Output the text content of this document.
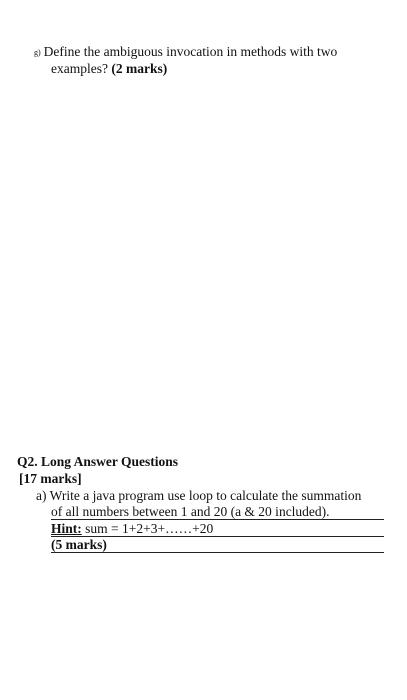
g) Define the ambiguous invocation in methods with two
examples? (2 marks)
Q2. Long Answer Questions
[17 marks]
a) Write a java program use loop to calculate the summation
of all numbers between 1 and 20 (a & 20 included).
Hint: sum = 1+2+3+……+20
(5 marks)
